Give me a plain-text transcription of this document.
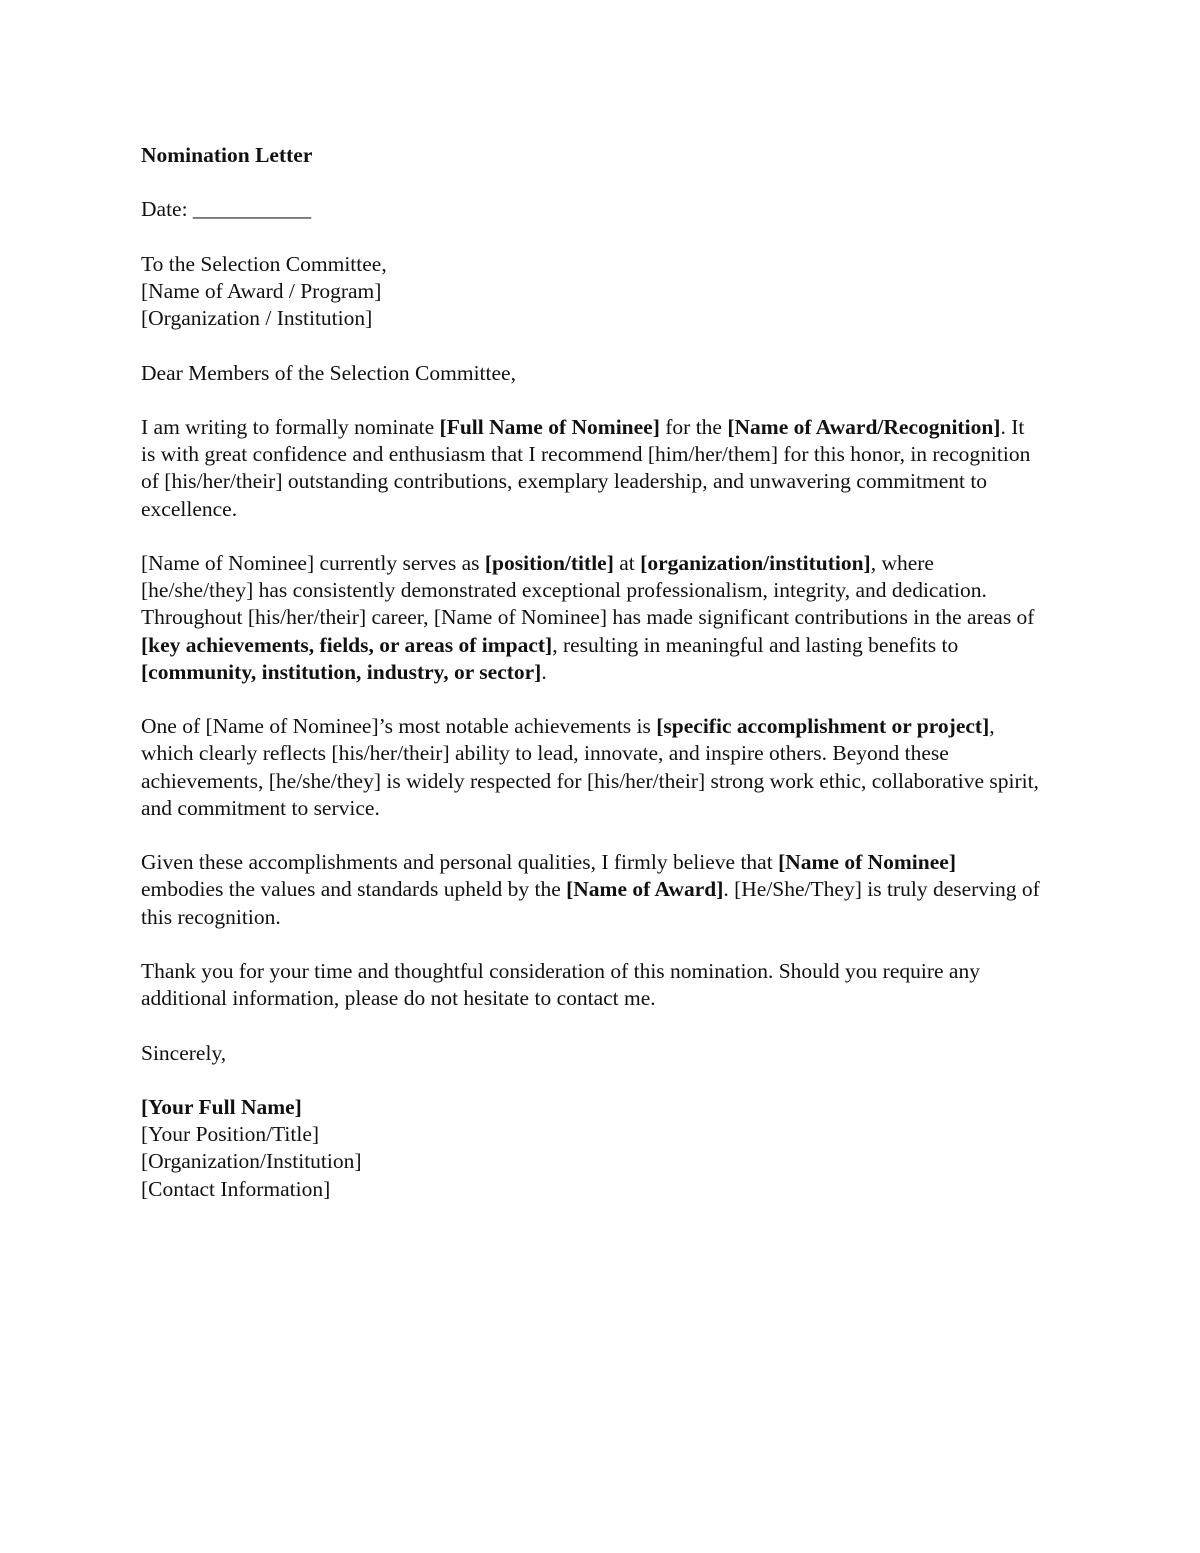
Nomination Letter

Date: ___________

To the Selection Committee,
[Name of Award / Program]
[Organization / Institution]

Dear Members of the Selection Committee,

I am writing to formally nominate [Full Name of Nominee] for the [Name of Award/Recognition]. It is with great confidence and enthusiasm that I recommend [him/her/them] for this honor, in recognition of [his/her/their] outstanding contributions, exemplary leadership, and unwavering commitment to excellence.

[Name of Nominee] currently serves as [position/title] at [organization/institution], where [he/she/they] has consistently demonstrated exceptional professionalism, integrity, and dedication. Throughout [his/her/their] career, [Name of Nominee] has made significant contributions in the areas of [key achievements, fields, or areas of impact], resulting in meaningful and lasting benefits to [community, institution, industry, or sector].

One of [Name of Nominee]’s most notable achievements is [specific accomplishment or project], which clearly reflects [his/her/their] ability to lead, innovate, and inspire others. Beyond these achievements, [he/she/they] is widely respected for [his/her/their] strong work ethic, collaborative spirit, and commitment to service.

Given these accomplishments and personal qualities, I firmly believe that [Name of Nominee] embodies the values and standards upheld by the [Name of Award]. [He/She/They] is truly deserving of this recognition.

Thank you for your time and thoughtful consideration of this nomination. Should you require any additional information, please do not hesitate to contact me.

Sincerely,

[Your Full Name]
[Your Position/Title]
[Organization/Institution]
[Contact Information]
